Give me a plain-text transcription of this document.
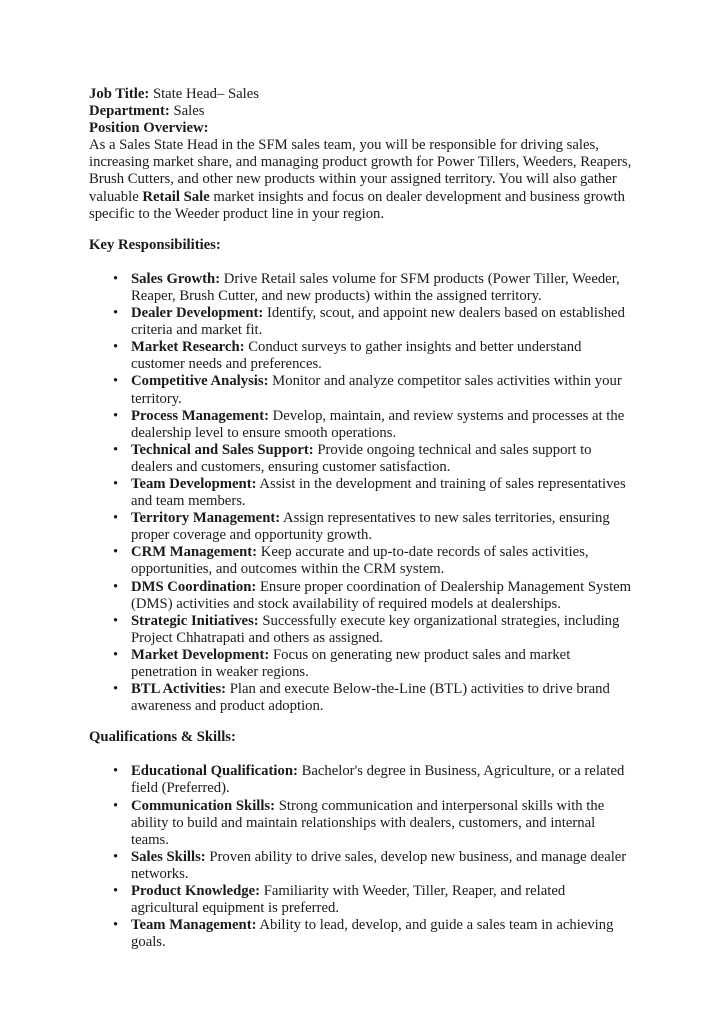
Job Title: State Head– Sales
Department: Sales
Position Overview:

As a Sales State Head in the SFM sales team, you will be responsible for driving sales, increasing market share, and managing product growth for Power Tillers, Weeders, Reapers, Brush Cutters, and other new products within your assigned territory. You will also gather valuable Retail Sale market insights and focus on dealer development and business growth specific to the Weeder product line in your region.

Key Responsibilities:
• Sales Growth: Drive Retail sales volume for SFM products (Power Tiller, Weeder, Reaper, Brush Cutter, and new products) within the assigned territory.
• Dealer Development: Identify, scout, and appoint new dealers based on established criteria and market fit.
• Market Research: Conduct surveys to gather insights and better understand customer needs and preferences.
• Competitive Analysis: Monitor and analyze competitor sales activities within your territory.
• Process Management: Develop, maintain, and review systems and processes at the dealership level to ensure smooth operations.
• Technical and Sales Support: Provide ongoing technical and sales support to dealers and customers, ensuring customer satisfaction.
• Team Development: Assist in the development and training of sales representatives and team members.
• Territory Management: Assign representatives to new sales territories, ensuring proper coverage and opportunity growth.
• CRM Management: Keep accurate and up-to-date records of sales activities, opportunities, and outcomes within the CRM system.
• DMS Coordination: Ensure proper coordination of Dealership Management System (DMS) activities and stock availability of required models at dealerships.
• Strategic Initiatives: Successfully execute key organizational strategies, including Project Chhatrapati and others as assigned.
• Market Development: Focus on generating new product sales and market penetration in weaker regions.
• BTL Activities: Plan and execute Below-the-Line (BTL) activities to drive brand awareness and product adoption.
Qualifications & Skills:
• Educational Qualification: Bachelor's degree in Business, Agriculture, or a related field (Preferred).
• Communication Skills: Strong communication and interpersonal skills with the ability to build and maintain relationships with dealers, customers, and internal teams.
• Sales Skills: Proven ability to drive sales, develop new business, and manage dealer networks.
• Product Knowledge: Familiarity with Weeder, Tiller, Reaper, and related agricultural equipment is preferred.
• Team Management: Ability to lead, develop, and guide a sales team in achieving goals.
